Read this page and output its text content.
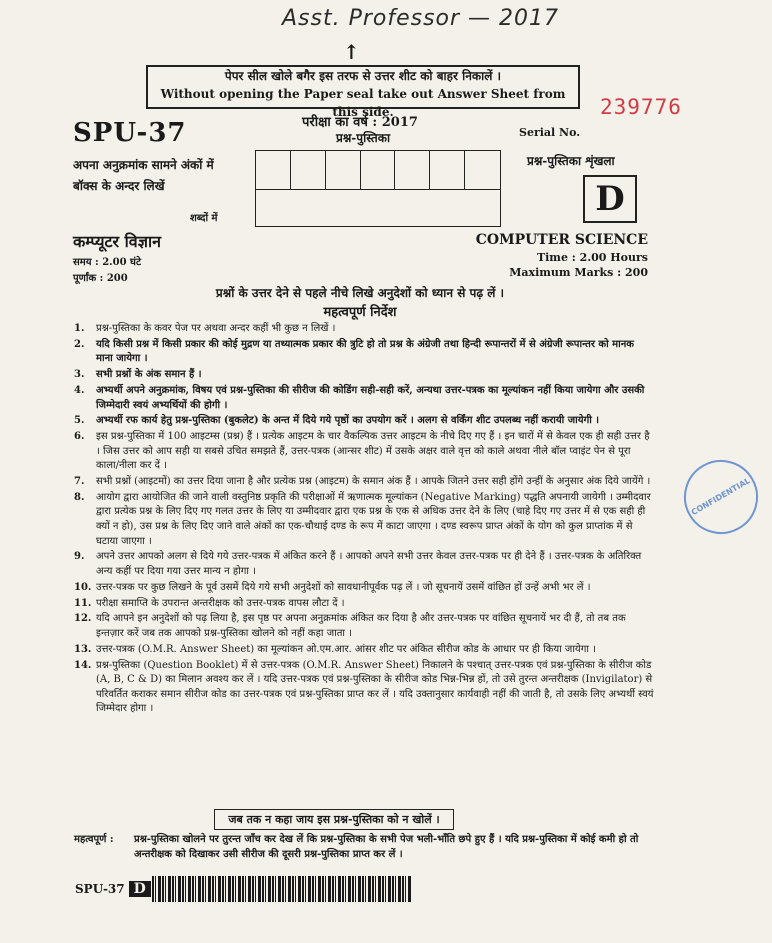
Asst. Professor — 2017
↑
पेपर सील खोले बगैर इस तरफ से उत्तर शीट को बाहर निकालें ।
Without opening the Paper seal take out Answer Sheet from this side.	239776
SPU-37	परीक्षा का वर्ष : 2017
प्रश्न-पुस्तिका	Serial No.
प्रश्न-पुस्तिका शृंखला
अपना अनुक्रमांक सामने अंकों में
बॉक्स के अन्दर लिखें
शब्दों में	D
कम्प्यूटर विज्ञान	COMPUTER SCIENCE
समय : 2.00 घंटे
पूर्णांक : 200
Time : 2.00 Hours
Maximum Marks : 200
प्रश्नों के उत्तर देने से पहले नीचे लिखे अनुदेशों को ध्यान से पढ़ लें ।
महत्वपूर्ण निर्देश
1.	प्रश्न-पुस्तिका के कवर पेज पर अथवा अन्दर कहीं भी कुछ न लिखें ।
2.	यदि किसी प्रश्न में किसी प्रकार की कोई मुद्रण या तथ्यात्मक प्रकार की त्रुटि हो तो प्रश्न के अंग्रेजी तथा हिन्दी रूपान्तरों में से अंग्रेजी रूपान्तर को मानक माना जायेगा ।
3.	सभी प्रश्नों के अंक समान हैं ।
4.	अभ्यर्थी अपने अनुक्रमांक, विषय एवं प्रश्न-पुस्तिका की सीरीज की कोडिंग सही-सही करें, अन्यथा उत्तर-पत्रक का मूल्यांकन नहीं किया जायेगा और उसकी जिम्मेदारी स्वयं अभ्यर्थियों की होगी ।
5.	अभ्यर्थी रफ कार्य हेतु प्रश्न-पुस्तिका (बुकलेट) के अन्त में दिये गये पृष्ठों का उपयोग करें । अलग से वर्किंग शीट उपलब्ध नहीं करायी जायेगी ।
6.	इस प्रश्न-पुस्तिका में 100 आइटम्स (प्रश्न) हैं । प्रत्येक आइटम के चार वैकल्पिक उत्तर आइटम के नीचे दिए गए हैं । इन चारों में से केवल एक ही सही उत्तर है । जिस उत्तर को आप सही या सबसे उचित समझते हैं, उत्तर-पत्रक (आन्सर शीट) में उसके अक्षर वाले वृत्त को काले अथवा नीले बॉल प्वाइंट पेन से पूरा काला/नीला कर दें ।
7.	सभी प्रश्नों (आइटमों) का उत्तर दिया जाना है और प्रत्येक प्रश्न (आइटम) के समान अंक हैं । आपके जितने उत्तर सही होंगे उन्हीं के अनुसार अंक दिये जायेंगे ।
8.	आयोग द्वारा आयोजित की जाने वाली वस्तुनिष्ठ प्रकृति की परीक्षाओं में ऋणात्मक मूल्यांकन (Negative Marking) पद्धति अपनायी जायेगी । उम्मीदवार द्वारा प्रत्येक प्रश्न के लिए दिए गए गलत उत्तर के लिए या उम्मीदवार द्वारा एक प्रश्न के एक से अधिक उत्तर देने के लिए (चाहे दिए गए उत्तर में से एक सही ही क्यों न हो), उस प्रश्न के लिए दिए जाने वाले अंकों का एक-चौथाई दण्ड के रूप में काटा जाएगा । दण्ड स्वरूप प्राप्त अंकों के योग को कुल प्राप्तांक में से घटाया जाएगा ।
9.	अपने उत्तर आपको अलग से दिये गये उत्तर-पत्रक में अंकित करने हैं । आपको अपने सभी उत्तर केवल उत्तर-पत्रक पर ही देने हैं । उत्तर-पत्रक के अतिरिक्त अन्य कहीं पर दिया गया उत्तर मान्य न होगा ।
10. उत्तर-पत्रक पर कुछ लिखने के पूर्व उसमें दिये गये सभी अनुदेशों को सावधानीपूर्वक पढ़ लें । जो सूचनायें उसमें वांछित हों उन्हें अभी भर लें ।
11. परीक्षा समाप्ति के उपरान्त अन्तरीक्षक को उत्तर-पत्रक वापस लौटा दें ।
12. यदि आपने इन अनुदेशों को पढ़ लिया है, इस पृष्ठ पर अपना अनुक्रमांक अंकित कर दिया है और उत्तर-पत्रक पर वांछित सूचनायें भर दी हैं, तो तब तक इन्तज़ार करें जब तक आपको प्रश्न-पुस्तिका खोलने को नहीं कहा जाता ।
13. उत्तर-पत्रक (O.M.R. Answer Sheet) का मूल्यांकन ओ.एम.आर. आंसर शीट पर अंकित सीरीज कोड के आधार पर ही किया जायेगा ।
14. प्रश्न-पुस्तिका (Question Booklet) में से उत्तर-पत्रक (O.M.R. Answer Sheet) निकालने के पश्चात् उत्तर-पत्रक एवं प्रश्न-पुस्तिका के सीरीज कोड (A, B, C & D) का मिलान अवश्य कर लें । यदि उत्तर-पत्रक एवं प्रश्न-पुस्तिका के सीरीज कोड भिन्न-भिन्न हों, तो उसे तुरन्त अन्तरीक्षक (Invigilator) से परिवर्तित कराकर समान सीरीज कोड का उत्तर-पत्रक एवं प्रश्न-पुस्तिका प्राप्त कर लें । यदि उक्तानुसार कार्यवाही नहीं की जाती है, तो उसके लिए अभ्यर्थी स्वयं जिम्मेदार होगा ।
CONFIDENTIAL
जब तक न कहा जाय इस प्रश्न-पुस्तिका को न खोलें ।
महत्वपूर्ण :	प्रश्न-पुस्तिका खोलने पर तुरन्त जाँच कर देख लें कि प्रश्न-पुस्तिका के सभी पेज भली-भाँति छपे हुए हैं । यदि प्रश्न-पुस्तिका में कोई कमी हो तो अन्तरीक्षक को दिखाकर उसी सीरीज की दूसरी प्रश्न-पुस्तिका प्राप्त कर लें ।
SPU-37 D
